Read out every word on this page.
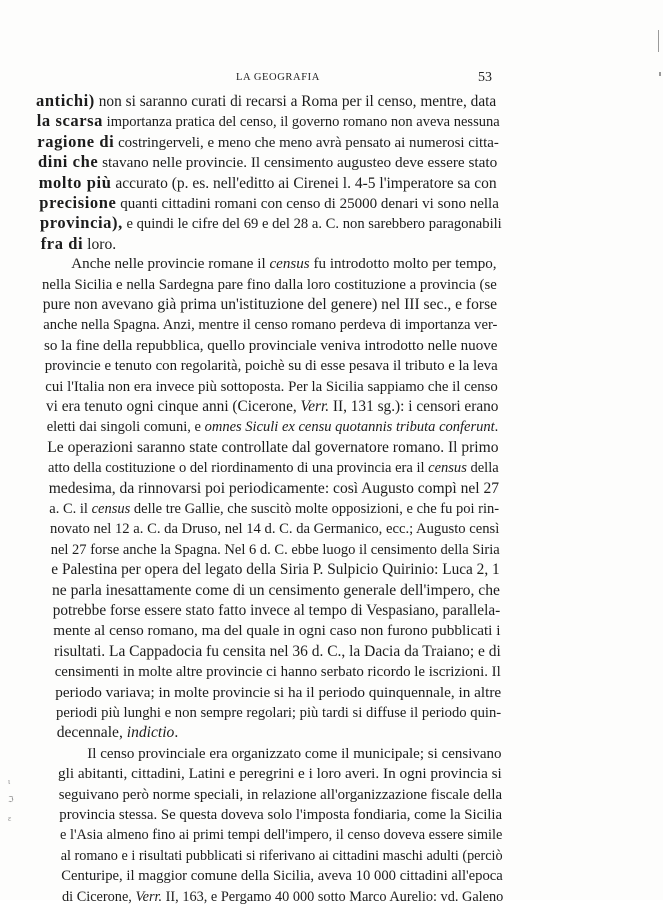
LA GEOGRAFIA	53
antichi) non si saranno curati di recarsi a Roma per il censo, mentre, data
la scarsa importanza pratica del censo, il governo romano non aveva nessuna
ragione di costringerveli, e meno che meno avrà pensato ai numerosi citta-
dini che stavano nelle provincie. Il censimento augusteo deve essere stato
molto più accurato (p. es. nell'editto ai Cirenei l. 4-5 l'imperatore sa con
precisione quanti cittadini romani con censo di 25000 denari vi sono nella
provincia), e quindi le cifre del 69 e del 28 a. C. non sarebbero paragonabili
fra di loro.
Anche nelle provincie romane il census fu introdotto molto per tempo,
nella Sicilia e nella Sardegna pare fino dalla loro costituzione a provincia (se
pure non avevano già prima un'istituzione del genere) nel III sec., e forse
anche nella Spagna. Anzi, mentre il censo romano perdeva di importanza ver-
so la fine della repubblica, quello provinciale veniva introdotto nelle nuove
provincie e tenuto con regolarità, poichè su di esse pesava il tributo e la leva
cui l'Italia non era invece più sottoposta. Per la Sicilia sappiamo che il censo
vi era tenuto ogni cinque anni (Cicerone, Verr. II, 131 sg.): i censori erano
eletti dai singoli comuni, e omnes Siculi ex censu quotannis tributa conferunt.
Le operazioni saranno state controllate dal governatore romano. Il primo
atto della costituzione o del riordinamento di una provincia era il census della
medesima, da rinnovarsi poi periodicamente: così Augusto compì nel 27
a. C. il census delle tre Gallie, che suscitò molte opposizioni, e che fu poi rin-
novato nel 12 a. C. da Druso, nel 14 d. C. da Germanico, ecc.; Augusto censì
nel 27 forse anche la Spagna. Nel 6 d. C. ebbe luogo il censimento della Siria
e Palestina per opera del legato della Siria P. Sulpicio Quirinio: Luca 2, 1
ne parla inesattamente come di un censimento generale dell'impero, che
potrebbe forse essere stato fatto invece al tempo di Vespasiano, parallela-
mente al censo romano, ma del quale in ogni caso non furono pubblicati i
risultati. La Cappadocia fu censita nel 36 d. C., la Dacia da Traiano; e di
censimenti in molte altre provincie ci hanno serbato ricordo le iscrizioni. Il
periodo variava; in molte provincie si ha il periodo quinquennale, in altre
periodi più lunghi e non sempre regolari; più tardi si diffuse il periodo quin-
decennale, indictio.
Il censo provinciale era organizzato come il municipale; si censivano
gli abitanti, cittadini, Latini e peregrini e i loro averi. In ogni provincia si
seguivano però norme speciali, in relazione all'organizzazione fiscale della
provincia stessa. Se questa doveva solo l'imposta fondiaria, come la Sicilia
e l'Asia almeno fino ai primi tempi dell'impero, il censo doveva essere simile
al romano e i risultati pubblicati si riferivano ai cittadini maschi adulti (perciò
Centuripe, il maggior comune della Sicilia, aveva 10 000 cittadini all'epoca
di Cicerone, Verr. II, 163, e Pergamo 40 000 sotto Marco Aurelio: vd. Galeno
ι
ℑ
ε
